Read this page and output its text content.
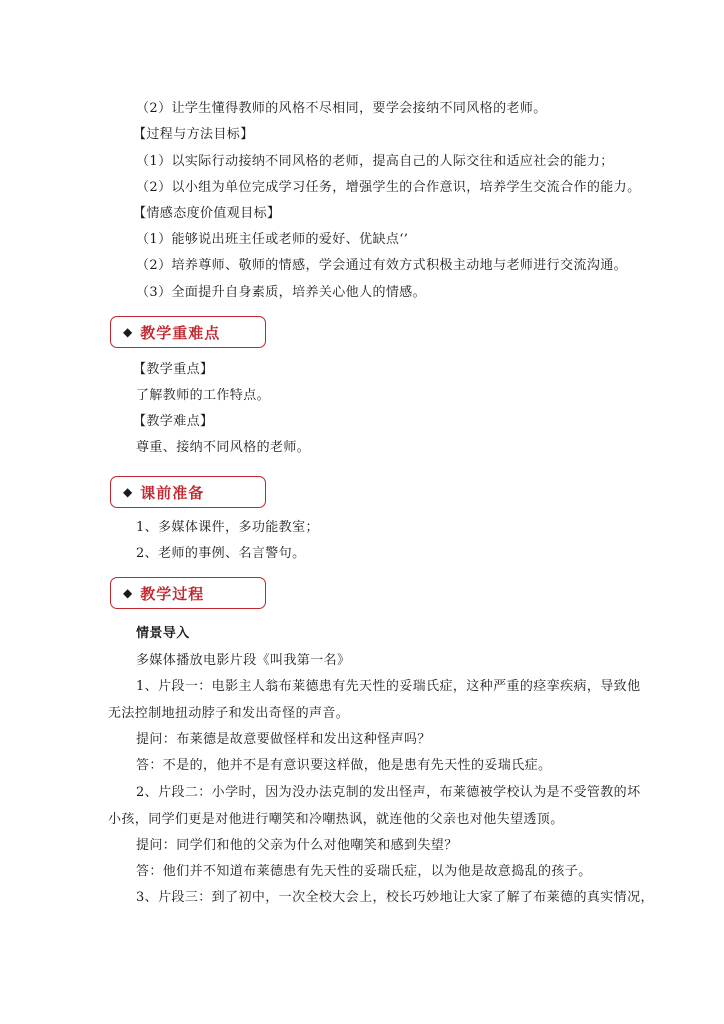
（2）让学生懂得教师的风格不尽相同，要学会接纳不同风格的老师。
【过程与方法目标】
（1）以实际行动接纳不同风格的老师，提高自己的人际交往和适应社会的能力；
（2）以小组为单位完成学习任务，增强学生的合作意识，培养学生交流合作的能力。
【情感态度价值观目标】
（1）能够说出班主任或老师的爱好、优缺点‘’
（2）培养尊师、敬师的情感，学会通过有效方式积极主动地与老师进行交流沟通。
（3）全面提升自身素质，培养关心他人的情感。
◆ 教学重难点
【教学重点】
了解教师的工作特点。
【教学难点】
尊重、接纳不同风格的老师。
◆ 课前准备
1、多媒体课件，多功能教室；
2、老师的事例、名言警句。
◆ 教学过程
情景导入
多媒体播放电影片段《叫我第一名》
1、片段一：电影主人翁布莱德患有先天性的妥瑞氏症，这种严重的痉挛疾病，导致他
无法控制地扭动脖子和发出奇怪的声音。
提问：布莱德是故意要做怪样和发出这种怪声吗？
答：不是的，他并不是有意识要这样做，他是患有先天性的妥瑞氏症。
2、片段二：小学时，因为没办法克制的发出怪声，布莱德被学校认为是不受管教的坏
小孩，同学们更是对他进行嘲笑和冷嘲热讽，就连他的父亲也对他失望透顶。
提问：同学们和他的父亲为什么对他嘲笑和感到失望？
答：他们并不知道布莱德患有先天性的妥瑞氏症，以为他是故意捣乱的孩子。
3、片段三：到了初中，一次全校大会上，校长巧妙地让大家了解了布莱德的真实情况，
